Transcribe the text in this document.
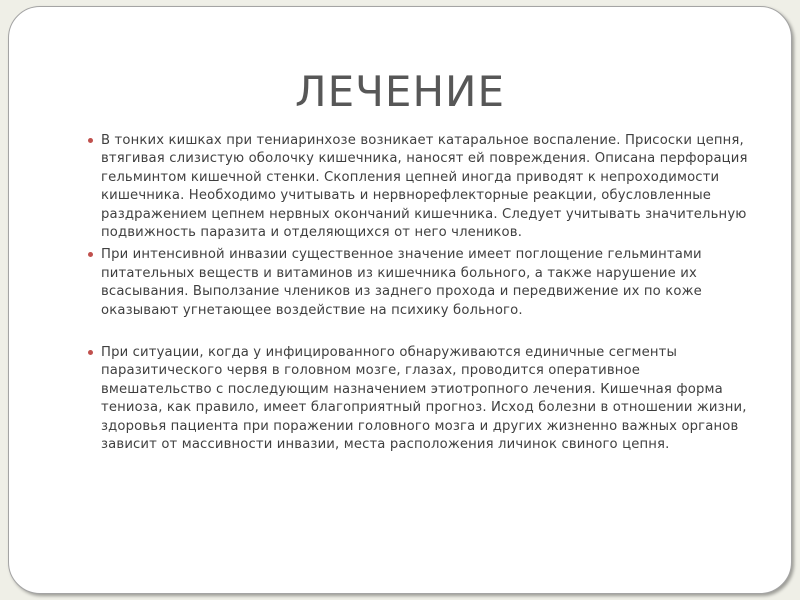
ЛЕЧЕНИЕ
В тонких кишках при тениаринхозе возникает катаральное воспаление. Присоски цепня, втягивая слизистую оболочку кишечника, наносят ей повреждения. Описана перфорация гельминтом кишечной стенки. Скопления цепней иногда приводят к непроходимости кишечника. Необходимо учитывать и нервнорефлекторные реакции, обусловленные раздражением цепнем нервных окончаний кишечника. Следует учитывать значительную подвижность паразита и отделяющихся от него члеников.
При интенсивной инвазии существенное значение имеет поглощение гельминтами питательных веществ и витаминов из кишечника больного, а также нарушение их всасывания. Выползание члеников из заднего прохода и передвижение их по коже оказывают угнетающее воздействие на психику больного.
При ситуации, когда у инфицированного обнаруживаются единичные сегменты паразитического червя в головном мозге, глазах, проводится оперативное вмешательство с последующим назначением этиотропного лечения. Кишечная форма тениоза, как правило, имеет благоприятный прогноз. Исход болезни в отношении жизни, здоровья пациента при поражении головного мозга и других жизненно важных органов зависит от массивности инвазии, места расположения личинок свиного цепня.
